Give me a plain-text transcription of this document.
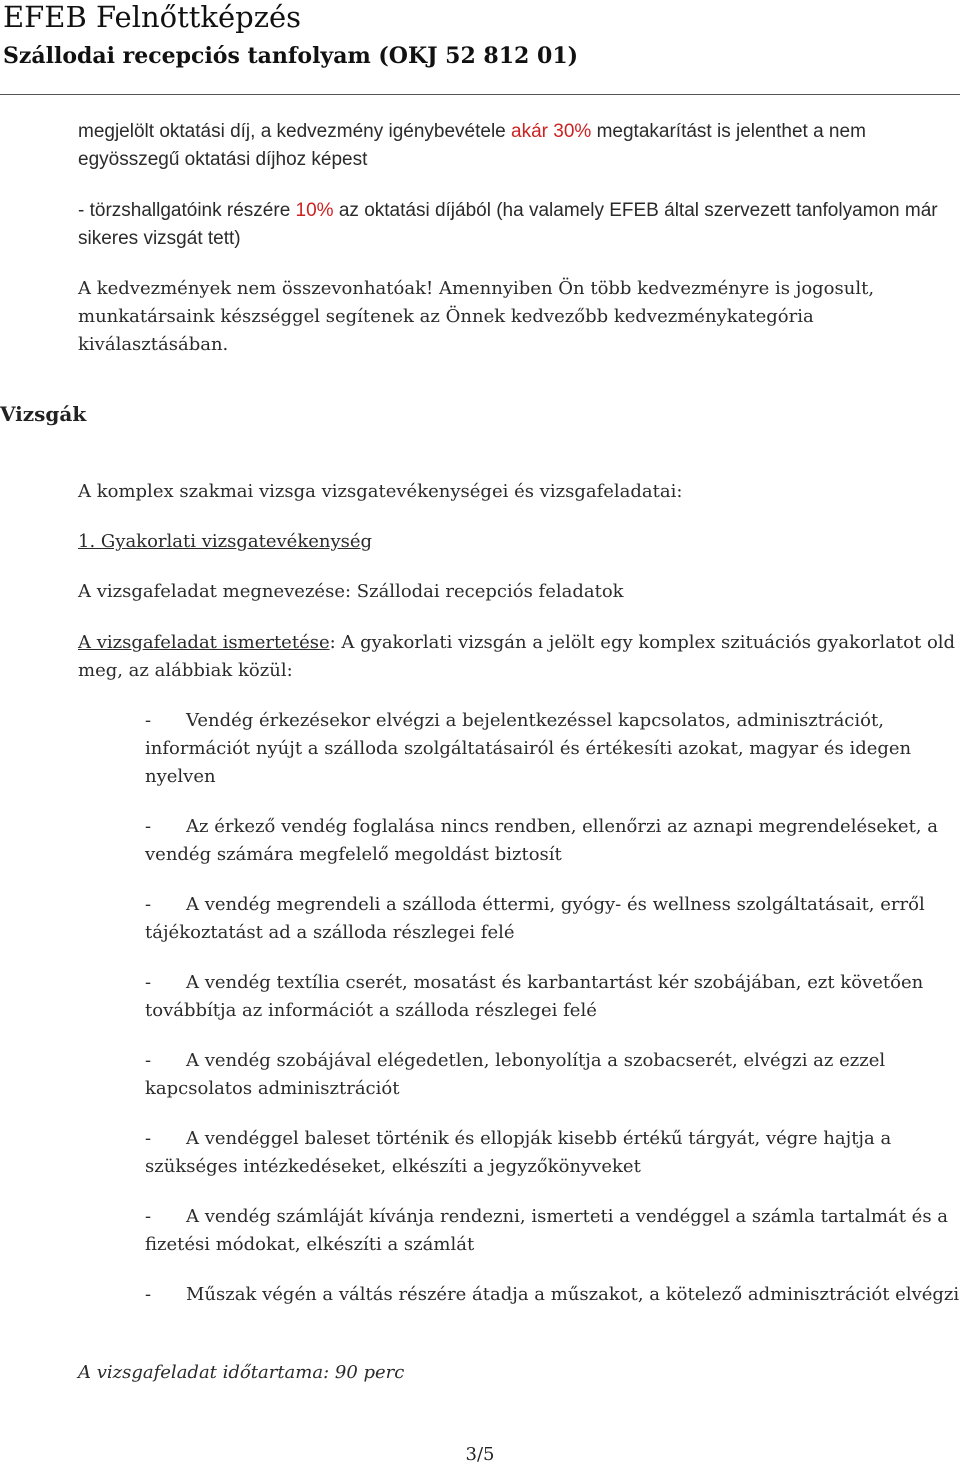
EFEB Felnőttképzés
Szállodai recepciós tanfolyam (OKJ 52 812 01)
megjelölt oktatási díj, a kedvezmény igénybevétele akár 30% megtakarítást is jelenthet a nem egyösszegű oktatási díjhoz képest
- törzshallgatóink részére 10% az oktatási díjából (ha valamely EFEB által szervezett tanfolyamon már sikeres vizsgát tett)
A kedvezmények nem összevonhatóak! Amennyiben Ön több kedvezményre is jogosult, munkatársaink készséggel segítenek az Önnek kedvezőbb kedvezménykategória kiválasztásában.
Vizsgák
A komplex szakmai vizsga vizsgatevékenységei és vizsgafeladatai:
1. Gyakorlati vizsgatevékenység
A vizsgafeladat megnevezése: Szállodai recepciós feladatok
A vizsgafeladat ismertetése: A gyakorlati vizsgán a jelölt egy komplex szituációs gyakorlatot old meg, az alábbiak közül:
- Vendég érkezésekor elvégzi a bejelentkezéssel kapcsolatos, adminisztrációt, információt nyújt a szálloda szolgáltatásairól és értékesíti azokat, magyar és idegen nyelven
- Az érkező vendég foglalása nincs rendben, ellenőrzi az aznapi megrendeléseket, a vendég számára megfelelő megoldást biztosít
- A vendég megrendeli a szálloda éttermi, gyógy- és wellness szolgáltatásait, erről tájékoztatást ad a szálloda részlegei felé
- A vendég textília cserét, mosatást és karbantartást kér szobájában, ezt követően továbbítja az információt a szálloda részlegei felé
- A vendég szobájával elégedetlen, lebonyolítja a szobacserét, elvégzi az ezzel kapcsolatos adminisztrációt
- A vendéggel baleset történik és ellopják kisebb értékű tárgyát, végre hajtja a szükséges intézkedéseket, elkészíti a jegyzőkönyveket
- A vendég számláját kívánja rendezni, ismerteti a vendéggel a számla tartalmát és a fizetési módokat, elkészíti a számlát
- Műszak végén a váltás részére átadja a műszakot, a kötelező adminisztrációt elvégzi
A vizsgafeladat időtartama: 90 perc
3/5
